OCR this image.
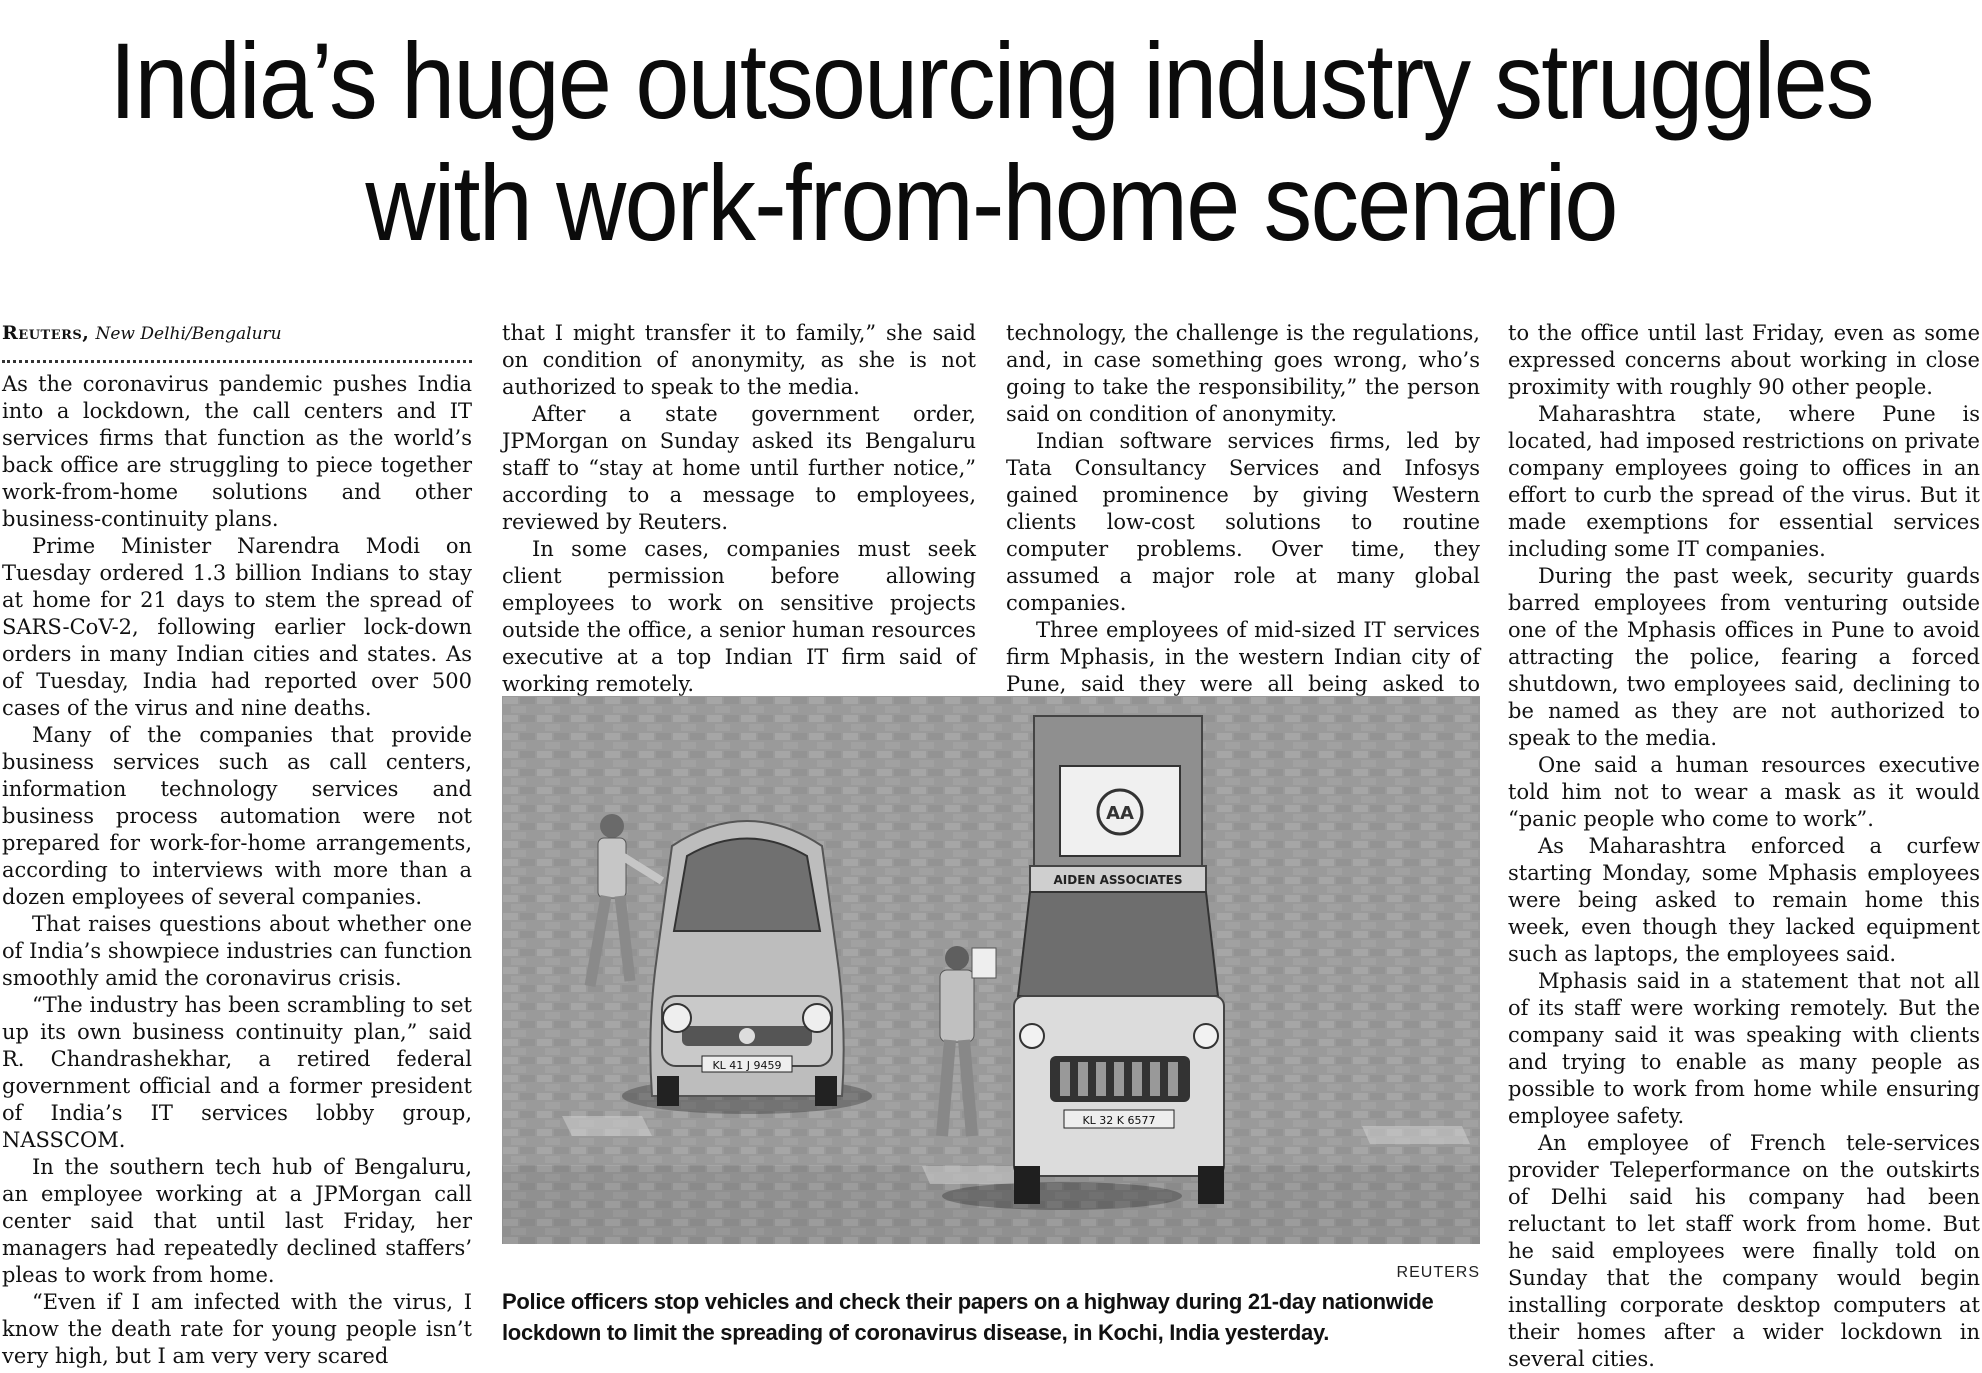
India’s huge outsourcing industry struggles
with work-from-home scenario
Reuters, New Delhi/Bengaluru

As the coronavirus pandemic pushes India into a lockdown, the call centers and IT services firms that function as the world’s back office are struggling to piece together work-from-home solutions and other business-continuity plans.

Prime Minister Narendra Modi on Tuesday ordered 1.3 billion Indians to stay at home for 21 days to stem the spread of SARS-CoV-2, following earlier lock-down orders in many Indian cities and states. As of Tuesday, India had reported over 500 cases of the virus and nine deaths.

Many of the companies that provide business services such as call centers, information technology services and business process automation were not prepared for work-for-home arrangements, according to interviews with more than a dozen employees of several companies.

That raises questions about whether one of India’s showpiece industries can function smoothly amid the coronavirus crisis.

“The industry has been scrambling to set up its own business continuity plan,” said R. Chandrashekhar, a retired federal government official and a former president of India’s IT services lobby group, NASSCOM.

In the southern tech hub of Bengaluru, an employee working at a JPMorgan call center said that until last Friday, her managers had repeatedly declined staffers’ pleas to work from home.

“Even if I am infected with the virus, I know the death rate for young people isn’t very high, but I am very very scared

that I might transfer it to family,” she said on condition of anonymity, as she is not authorized to speak to the media.

After a state government order, JPMorgan on Sunday asked its Bengaluru staff to “stay at home until further notice,” according to a message to employees, reviewed by Reuters.

In some cases, companies must seek client permission before allowing employees to work on sensitive projects outside the office, a senior human resources executive at a top Indian IT firm said of working remotely.

technology, the challenge is the regulations, and, in case something goes wrong, who’s going to take the responsibility,” the person said on condition of anonymity.

Indian software services firms, led by Tata Consultancy Services and Infosys gained prominence by giving Western clients low-cost solutions to routine computer problems. Over time, they assumed a major role at many global companies.

Three employees of mid-sized IT services firm Mphasis, in the western Indian city of Pune, said they were all being asked to

to the office until last Friday, even as some expressed concerns about working in close proximity with roughly 90 other people.

Maharashtra state, where Pune is located, had imposed restrictions on private company employees going to offices in an effort to curb the spread of the virus. But it made exemptions for essential services including some IT companies.

During the past week, security guards barred employees from venturing outside one of the Mphasis offices in Pune to avoid attracting the police, fearing a forced shutdown, two employees said, declining to be named as they are not authorized to speak to the media.

One said a human resources executive told him not to wear a mask as it would “panic people who come to work”.

As Maharashtra enforced a curfew starting Monday, some Mphasis employees were being asked to remain home this week, even though they lacked equipment such as laptops, the employees said.

Mphasis said in a statement that not all of its staff were working remotely. But the company said it was speaking with clients and trying to enable as many people as possible to work from home while ensuring employee safety.

An employee of French tele-services provider Teleperformance on the outskirts of Delhi said his company had been reluctant to let staff work from home. But he said employees were finally told on Sunday that the company would begin installing corporate desktop computers at their homes after a wider lockdown in several cities.

KL 41 J 9459
AA
AIDEN ASSOCIATES
KL 32 K 6577
REUTERS
Police officers stop vehicles and check their papers on a highway during 21-day nationwide lockdown to limit the spreading of coronavirus disease, in Kochi, India yesterday.
